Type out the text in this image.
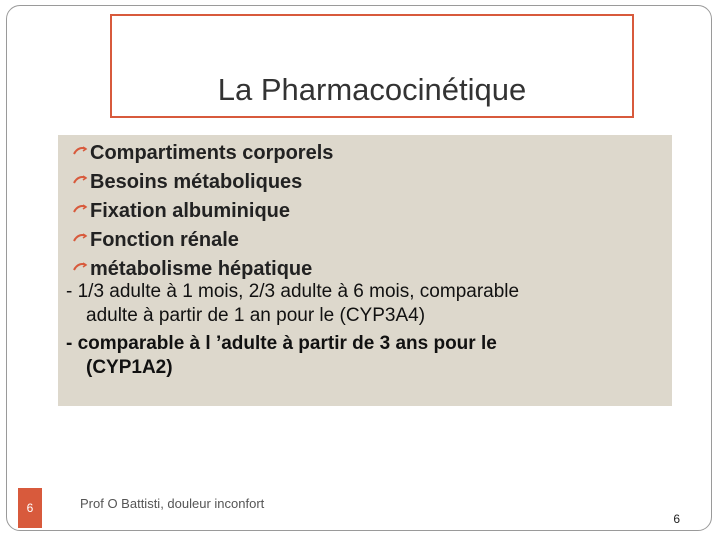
La Pharmacocinétique
Compartiments corporels
Besoins métaboliques
Fixation albuminique
Fonction rénale
métabolisme hépatique
- 1/3 adulte à 1 mois, 2/3 adulte à 6 mois, comparable
adulte à partir de 1 an pour le (CYP3A4)
- comparable à l ’adulte à partir de 3 ans pour le
(CYP1A2)
6	Prof O Battisti, douleur inconfort
6
